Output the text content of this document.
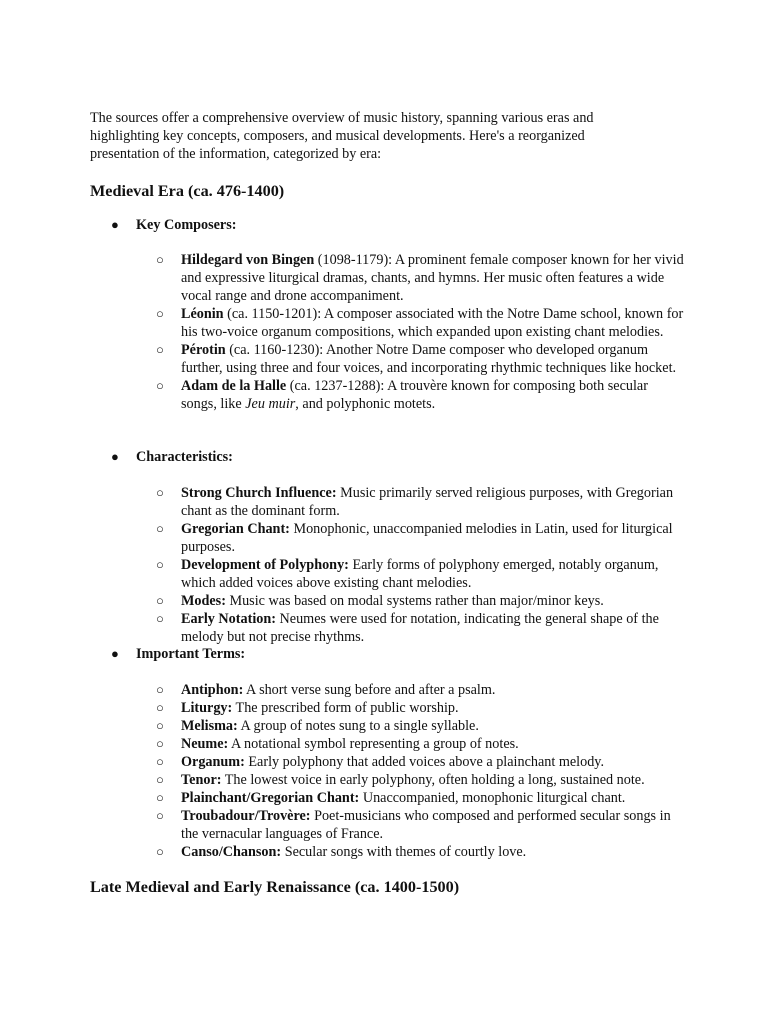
The sources offer a comprehensive overview of music history, spanning various eras and highlighting key concepts, composers, and musical developments. Here's a reorganized presentation of the information, categorized by era:

Medieval Era (ca. 476-1400)
● Key Composers:
○ Hildegard von Bingen (1098-1179): A prominent female composer known for her vivid and expressive liturgical dramas, chants, and hymns. Her music often features a wide vocal range and drone accompaniment.
○ Léonin (ca. 1150-1201): A composer associated with the Notre Dame school, known for his two-voice organum compositions, which expanded upon existing chant melodies.
○ Pérotin (ca. 1160-1230): Another Notre Dame composer who developed organum further, using three and four voices, and incorporating rhythmic techniques like hocket.
○ Adam de la Halle (ca. 1237-1288): A trouvère known for composing both secular songs, like Jeu muir, and polyphonic motets.
● Characteristics:
○ Strong Church Influence: Music primarily served religious purposes, with Gregorian chant as the dominant form.
○ Gregorian Chant: Monophonic, unaccompanied melodies in Latin, used for liturgical purposes.
○ Development of Polyphony: Early forms of polyphony emerged, notably organum, which added voices above existing chant melodies.
○ Modes: Music was based on modal systems rather than major/minor keys.
○ Early Notation: Neumes were used for notation, indicating the general shape of the melody but not precise rhythms.
● Important Terms:
○ Antiphon: A short verse sung before and after a psalm.
○ Liturgy: The prescribed form of public worship.
○ Melisma: A group of notes sung to a single syllable.
○ Neume: A notational symbol representing a group of notes.
○ Organum: Early polyphony that added voices above a plainchant melody.
○ Tenor: The lowest voice in early polyphony, often holding a long, sustained note.
○ Plainchant/Gregorian Chant: Unaccompanied, monophonic liturgical chant.
○ Troubadour/Trovère: Poet-musicians who composed and performed secular songs in the vernacular languages of France.
○ Canso/Chanson: Secular songs with themes of courtly love.
Late Medieval and Early Renaissance (ca. 1400-1500)
